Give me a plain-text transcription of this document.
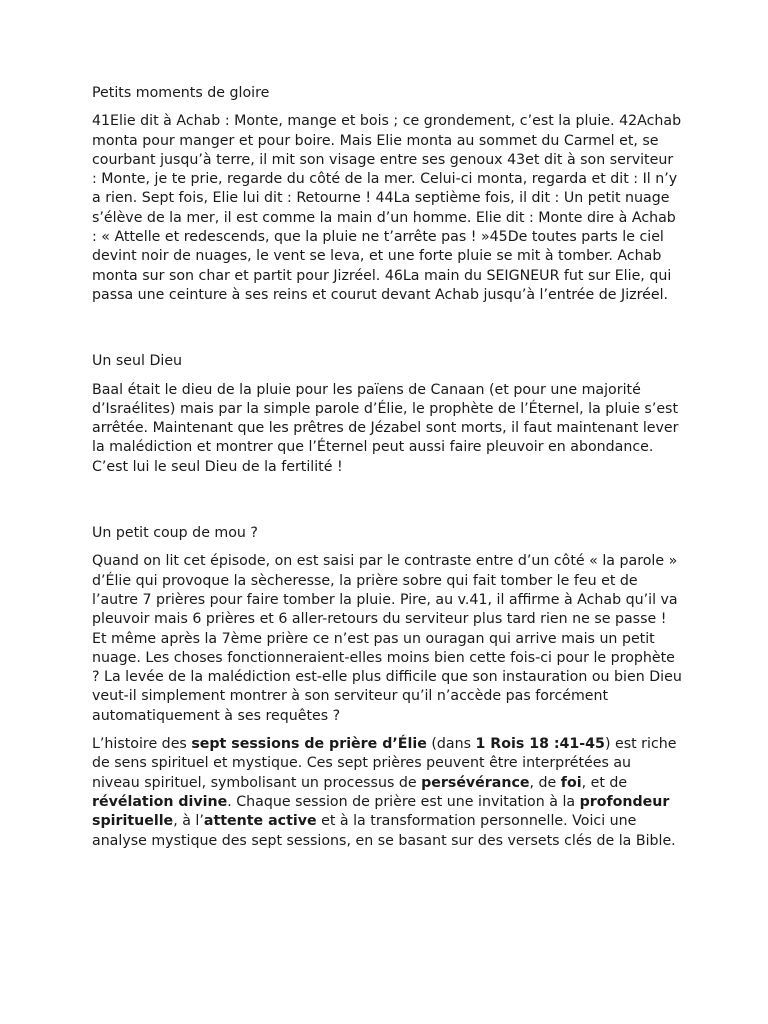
Petits moments de gloire

41Elie dit à Achab : Monte, mange et bois ; ce grondement, c’est la pluie. 42Achab monta pour manger et pour boire. Mais Elie monta au sommet du Carmel et, se courbant jusqu’à terre, il mit son visage entre ses genoux 43et dit à son serviteur : Monte, je te prie, regarde du côté de la mer. Celui-ci monta, regarda et dit : Il n’y a rien. Sept fois, Elie lui dit : Retourne ! 44La septième fois, il dit : Un petit nuage s’élève de la mer, il est comme la main d’un homme. Elie dit : Monte dire à Achab : « Attelle et redescends, que la pluie ne t’arrête pas ! »45De toutes parts le ciel devint noir de nuages, le vent se leva, et une forte pluie se mit à tomber. Achab monta sur son char et partit pour Jizréel. 46La main du SEIGNEUR fut sur Elie, qui passa une ceinture à ses reins et courut devant Achab jusqu’à l’entrée de Jizréel.

Un seul Dieu

Baal était le dieu de la pluie pour les païens de Canaan (et pour une majorité d’Israélites) mais par la simple parole d’Élie, le prophète de l’Éternel, la pluie s’est arrêtée. Maintenant que les prêtres de Jézabel sont morts, il faut maintenant lever la malédiction et montrer que l’Éternel peut aussi faire pleuvoir en abondance. C’est lui le seul Dieu de la fertilité !

Un petit coup de mou ?

Quand on lit cet épisode, on est saisi par le contraste entre d’un côté « la parole » d’Élie qui provoque la sècheresse, la prière sobre qui fait tomber le feu et de l’autre 7 prières pour faire tomber la pluie. Pire, au v.41, il affirme à Achab qu’il va pleuvoir mais 6 prières et 6 aller-retours du serviteur plus tard rien ne se passe ! Et même après la 7ème prière ce n’est pas un ouragan qui arrive mais un petit nuage. Les choses fonctionneraient-elles moins bien cette fois-ci pour le prophète ? La levée de la malédiction est-elle plus difficile que son instauration ou bien Dieu veut-il simplement montrer à son serviteur qu’il n’accède pas forcément automatiquement à ses requêtes ?

L’histoire des sept sessions de prière d’Élie (dans 1 Rois 18 :41-45) est riche de sens spirituel et mystique. Ces sept prières peuvent être interprétées au niveau spirituel, symbolisant un processus de persévérance, de foi, et de révélation divine. Chaque session de prière est une invitation à la profondeur spirituelle, à l’attente active et à la transformation personnelle. Voici une analyse mystique des sept sessions, en se basant sur des versets clés de la Bible.
